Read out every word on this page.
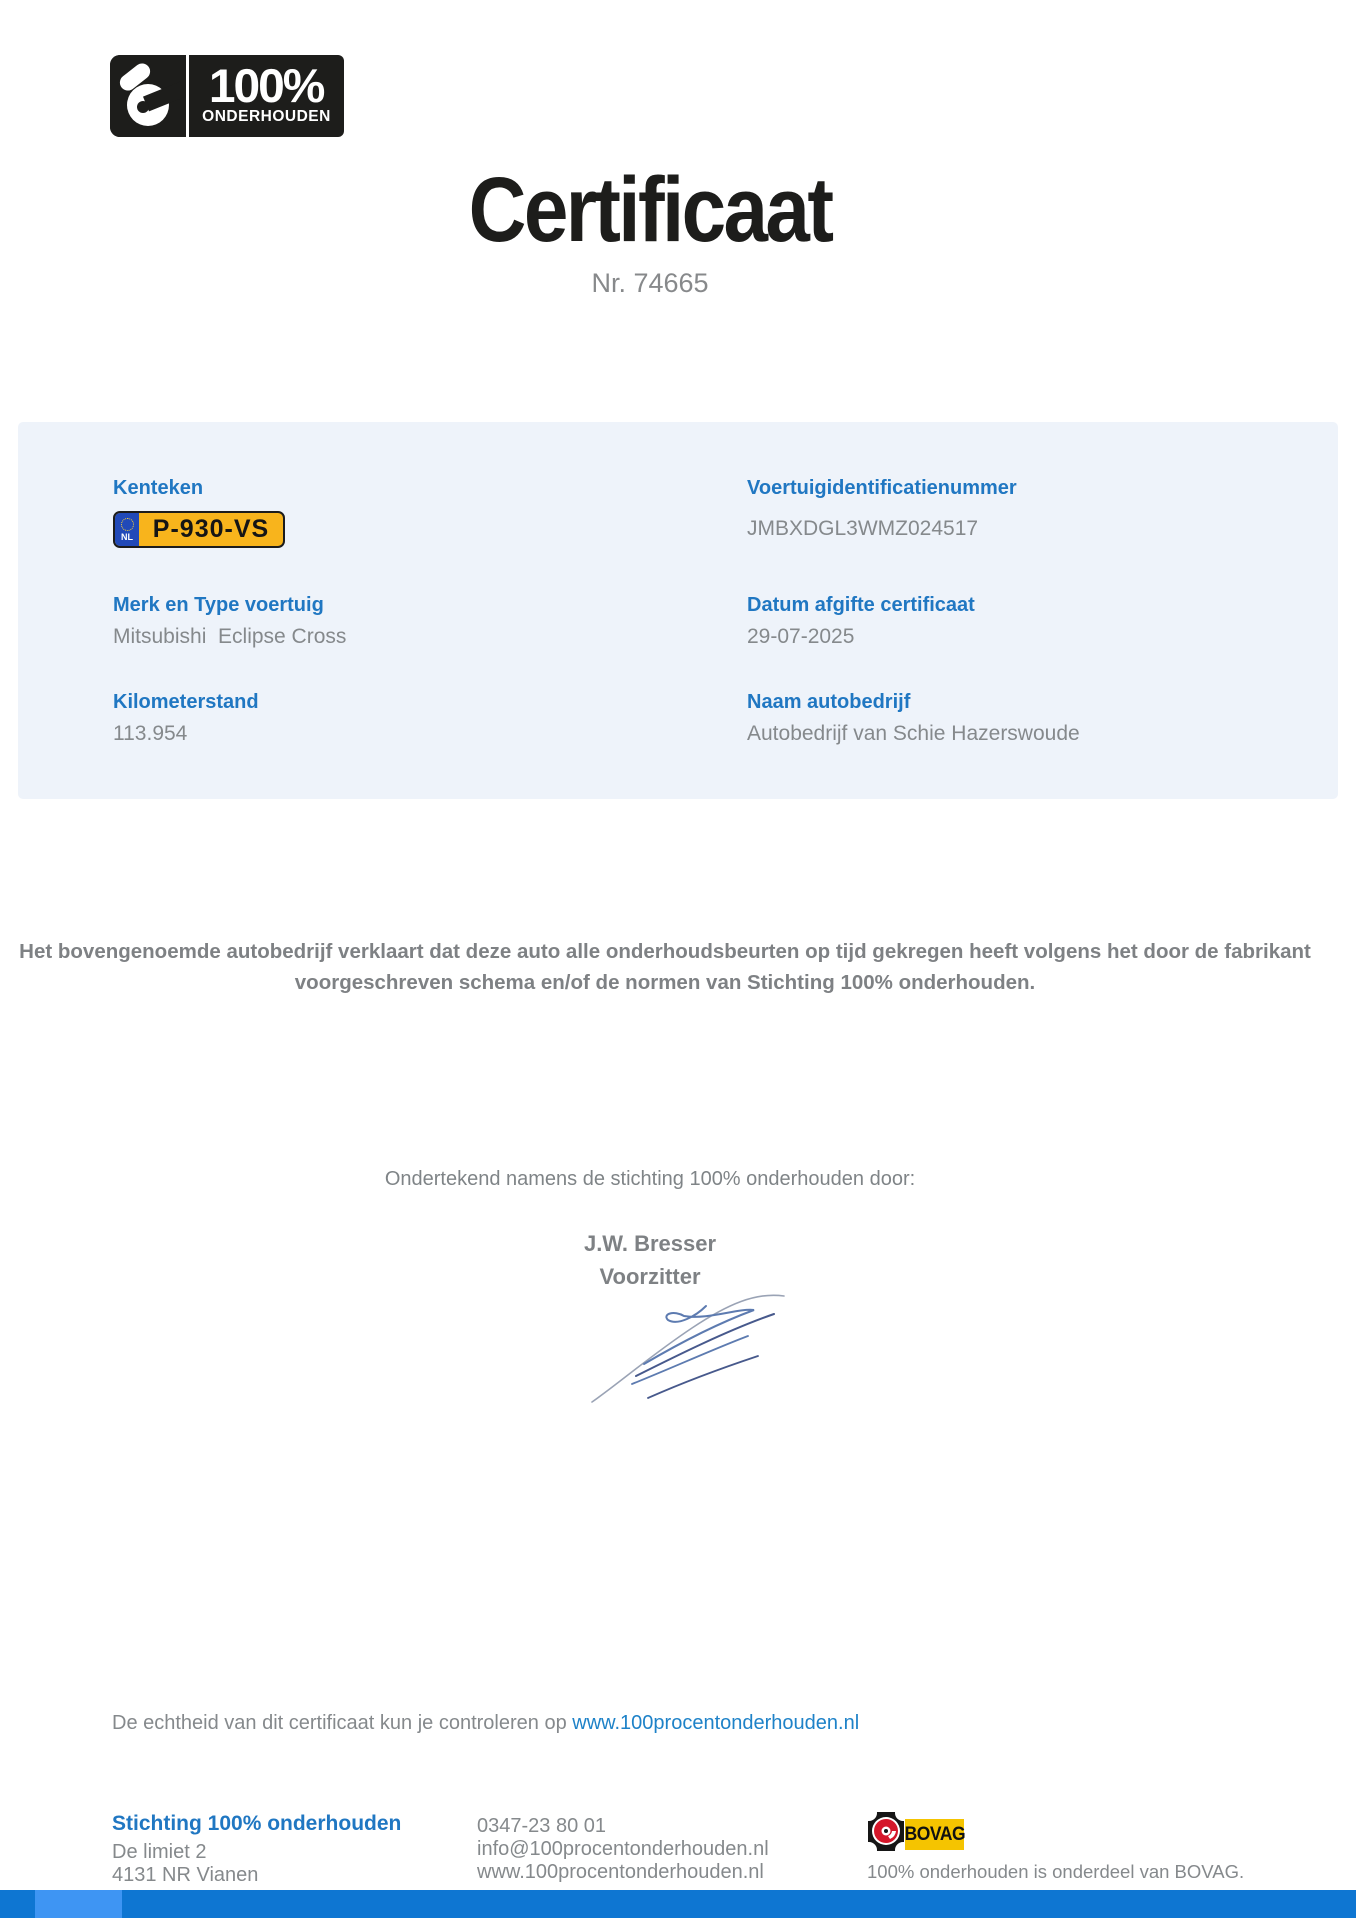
100%
ONDERHOUDEN
Certificaat
Nr. 74665
Kenteken
NL P-930-VS
Voertuigidentificatienummer
JMBXDGL3WMZ024517
Merk en Type voertuig
Mitsubishi  Eclipse Cross
Datum afgifte certificaat
29-07-2025
Kilometerstand
113.954
Naam autobedrijf
Autobedrijf van Schie Hazerswoude
Het bovengenoemde autobedrijf verklaart dat deze auto alle onderhoudsbeurten op tijd gekregen heeft volgens het door de fabrikant
voorgeschreven schema en/of de normen van Stichting 100% onderhouden.
Ondertekend namens de stichting 100% onderhouden door:
J.W. Bresser
Voorzitter
De echtheid van dit certificaat kun je controleren op www.100procentonderhouden.nl
Stichting 100% onderhouden
De limiet 2
4131 NR Vianen
0347-23 80 01
info@100procentonderhouden.nl
www.100procentonderhouden.nl
BOVAG
100% onderhouden is onderdeel van BOVAG.
